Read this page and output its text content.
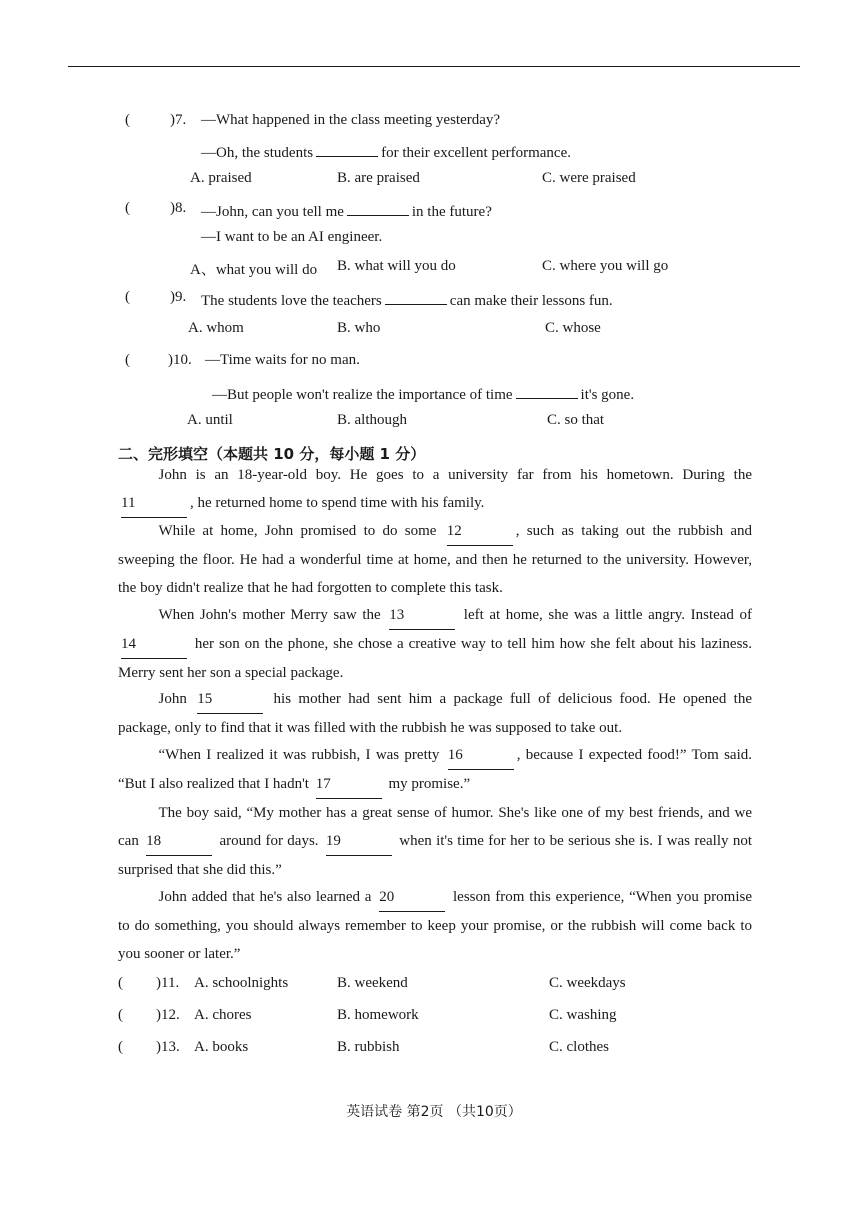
(	)7. —What happened in the class meeting yesterday?
—Oh, the students	for their excellent performance.
A. praised	B. are praised	C. were praised
(	)8. —John, can you tell me	in the future?
—I want to be an AI engineer.
A、what you will do B. what will you do	C. where you will go
(	)9. The students love the teachers	can make their lessons fun.
A. whom	B. who	C. whose
(	)10. —Time waits for no man.
—But people won't realize the importance of time	it's gone.
A. until	B. although	C. so that
二、完形填空（本题共 10 分，每小题 1 分）
John is an 18-year-old boy. He goes to a university far from his hometown. During the 11	, he returned home to spend time with his family.
While at home, John promised to do some 12	, such as taking out the rubbish and sweeping the floor. He had a wonderful time at home, and then he returned to the university. However, the boy didn't realize that he had forgotten to complete this task.
When John's mother Merry saw the 13	left at home, she was a little angry. Instead of 14	her son on the phone, she chose a creative way to tell him how she felt about his laziness. Merry sent her son a special package.
John 15	his mother had sent him a package full of delicious food. He opened the package, only to find that it was filled with the rubbish he was supposed to take out.
“When I realized it was rubbish, I was pretty 16	, because I expected food!” Tom said. “But I also realized that I hadn't 17	my promise.”
The boy said, “My mother has a great sense of humor. She's like one of my best friends, and we can 18	around for days. 19	when it's time for her to be serious she is. I was really not surprised that she did this.”
John added that he's also learned a 20	lesson from this experience, “When you promise to do something, you should always remember to keep your promise, or the rubbish will come back to you sooner or later.”
( )11. A. schoolnights	B. weekend	C. weekdays
( )12. A. chores	B. homework	C. washing
( )13. A. books	B. rubbish	C. clothes
英语试卷 第2页 （共10页）
